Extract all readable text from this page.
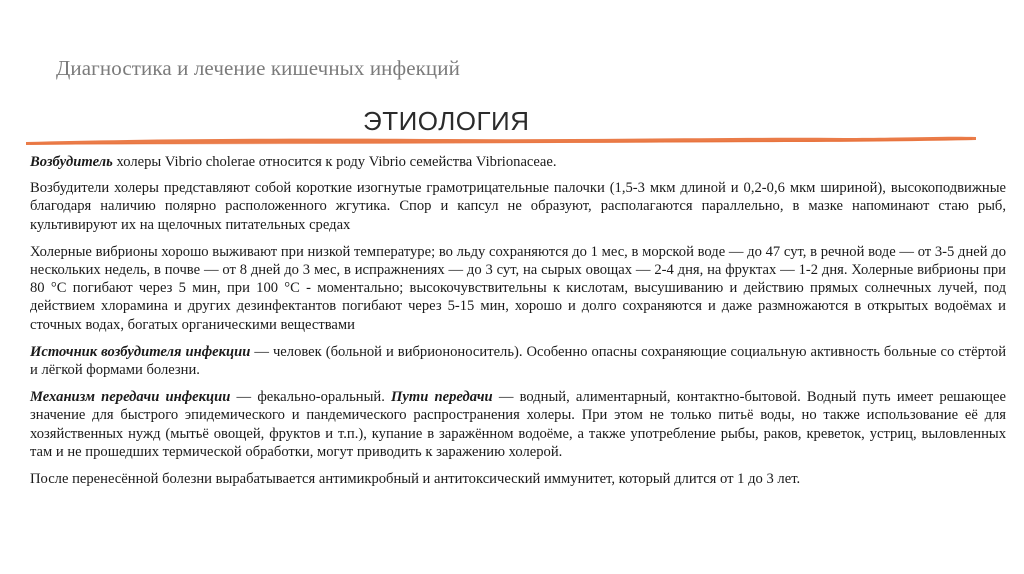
Диагностика и лечение кишечных инфекций
ЭТИОЛОГИЯ

Возбудитель холеры Vibrio cholerae относится к роду Vibrio семейства Vibrionaceae.

Возбудители холеры представляют собой короткие изогнутые грамотрицательные палочки (1,5-3 мкм длиной и 0,2-0,6 мкм шириной), высокоподвижные благодаря наличию полярно расположенного жгутика. Спор и капсул не образуют, располагаются параллельно, в мазке напоминают стаю рыб, культивируют их на щелочных питательных средах

Холерные вибрионы хорошо выживают при низкой температуре; во льду сохраняются до 1 мес, в морской воде — до 47 сут, в речной воде — от 3-5 дней до нескольких недель, в почве — от 8 дней до 3 мес, в испражнениях — до 3 сут, на сырых овощах — 2-4 дня, на фруктах — 1-2 дня. Холерные вибрионы при 80 °С погибают через 5 мин, при 100 °С - моментально; высокочувствительны к кислотам, высушиванию и действию прямых солнечных лучей, под действием хлорамина и других дезинфектантов погибают через 5-15 мин, хорошо и долго сохраняются и даже размножаются в открытых водоёмах и сточных водах, богатых органическими веществами

Источник возбудителя инфекции — человек (больной и вибриононоситель). Особенно опасны сохраняющие социальную активность больные со стёртой и лёгкой формами болезни.

Механизм передачи инфекции — фекально-оральный. Пути передачи — водный, алиментарный, контактно-бытовой. Водный путь имеет решающее значение для быстрого эпидемического и пандемического распространения холеры. При этом не только питьё воды, но также использование её для хозяйственных нужд (мытьё овощей, фруктов и т.п.), купание в заражённом водоёме, а также употребление рыбы, раков, креветок, устриц, выловленных там и не прошедших термической обработки, могут приводить к заражению холерой.

После перенесённой болезни вырабатывается антимикробный и антитоксический иммунитет, который длится от 1 до 3 лет.
